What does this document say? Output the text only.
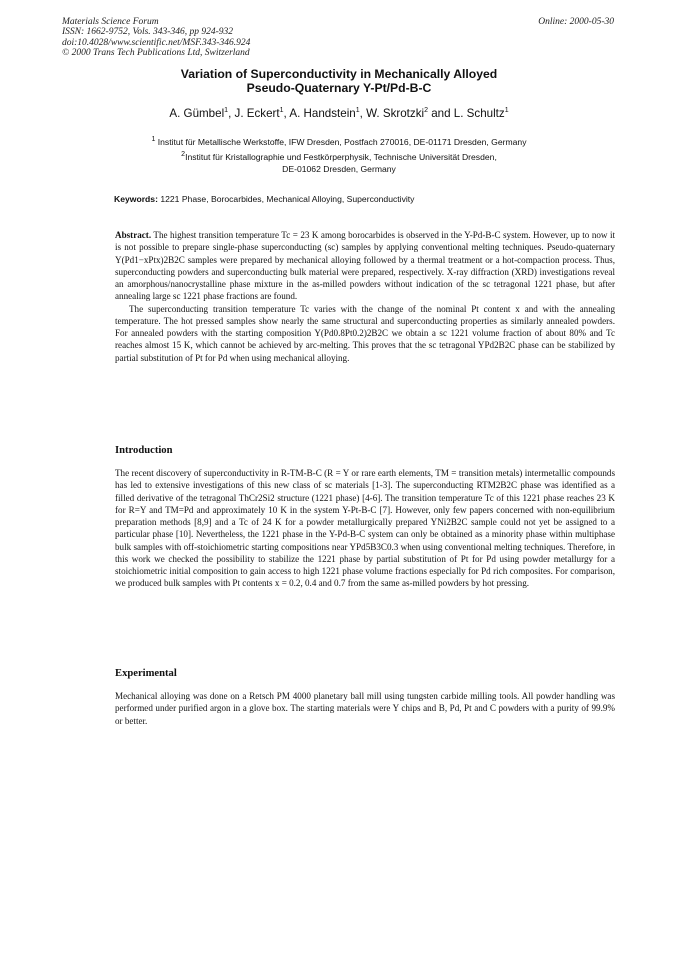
Materials Science Forum
ISSN: 1662-9752, Vols. 343-346, pp 924-932
doi:10.4028/www.scientific.net/MSF.343-346.924
© 2000 Trans Tech Publications Ltd, Switzerland
Online: 2000-05-30
Variation of Superconductivity in Mechanically Alloyed
Pseudo-Quaternary Y-Pt/Pd-B-C
A. Gümbel$^1$, J. Eckert$^1$, A. Handstein$^1$, W. Skrotzki$^2$ and L. Schultz$^1$
$^1$ Institut für Metallische Werkstoffe, IFW Dresden, Postfach 270016, DE-01171 Dresden, Germany
$^2$Institut für Kristallographie und Festkörperphysik, Technische Universität Dresden,
DE-01062 Dresden, Germany
Keywords: 1221 Phase, Borocarbides, Mechanical Alloying, Superconductivity

Abstract. The highest transition temperature Tc = 23 K among borocarbides is observed in the Y-Pd-B-C system. However, up to now it is not possible to prepare single-phase superconducting (sc) samples by applying conventional melting techniques. Pseudo-quaternary Y(Pd1−xPtx)2B2C samples were prepared by mechanical alloying followed by a thermal treatment or a hot-compaction process. Thus, superconducting powders and superconducting bulk material were prepared, respectively. X-ray diffraction (XRD) investigations reveal an amorphous/nanocrystalline phase mixture in the as-milled powders without indication of the sc tetragonal 1221 phase, but after annealing large sc 1221 phase fractions are found.

The superconducting transition temperature Tc varies with the change of the nominal Pt content x and with the annealing temperature. The hot pressed samples show nearly the same structural and superconducting properties as similarly annealed powders. For annealed powders with the starting composition Y(Pd0.8Pt0.2)2B2C we obtain a sc 1221 volume fraction of about 80% and Tc reaches almost 15 K, which cannot be achieved by arc-melting. This proves that the sc tetragonal YPd2B2C phase can be stabilized by partial substitution of Pt for Pd when using mechanical alloying.

Introduction

The recent discovery of superconductivity in R-TM-B-C (R = Y or rare earth elements, TM = transition metals) intermetallic compounds has led to extensive investigations of this new class of sc materials [1-3]. The superconducting RTM2B2C phase was identified as a filled derivative of the tetragonal ThCr2Si2 structure (1221 phase) [4-6]. The transition temperature Tc of this 1221 phase reaches 23 K for R=Y and TM=Pd and approximately 10 K in the system Y-Pt-B-C [7]. However, only few papers concerned with non-equilibrium preparation methods [8,9] and a Tc of 24 K for a powder metallurgically prepared YNi2B2C sample could not yet be assigned to a particular phase [10]. Nevertheless, the 1221 phase in the Y-Pd-B-C system can only be obtained as a minority phase within multiphase bulk samples with off-stoichiometric starting compositions near YPd5B3C0.3 when using conventional melting techniques. Therefore, in this work we checked the possibility to stabilize the 1221 phase by partial substitution of Pt for Pd using powder metallurgy for a stoichiometric initial composition to gain access to high 1221 phase volume fractions especially for Pd rich composites. For comparison, we produced bulk samples with Pt contents x = 0.2, 0.4 and 0.7 from the same as-milled powders by hot pressing.

Experimental

Mechanical alloying was done on a Retsch PM 4000 planetary ball mill using tungsten carbide milling tools. All powder handling was performed under purified argon in a glove box. The starting materials were Y chips and B, Pd, Pt and C powders with a purity of 99.9% or better.
